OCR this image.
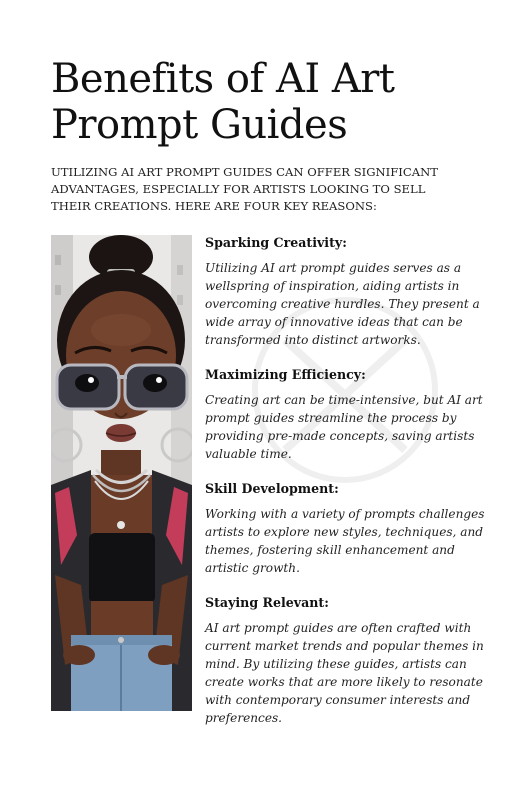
Benefits of AI Art Prompt Guides

UTILIZING AI ART PROMPT GUIDES CAN OFFER SIGNIFICANT ADVANTAGES, ESPECIALLY FOR ARTISTS LOOKING TO SELL THEIR CREATIONS. HERE ARE FOUR KEY REASONS:

Sparking Creativity:

Utilizing AI art prompt guides serves as a wellspring of inspiration, aiding artists in overcoming creative hurdles. They present a wide array of innovative ideas that can be transformed into distinct artworks.

Maximizing Efficiency:

Creating art can be time-intensive, but AI art prompt guides streamline the process by providing pre-made concepts, saving artists valuable time.

Skill Development:

Working with a variety of prompts challenges artists to explore new styles, techniques, and themes, fostering skill enhancement and artistic growth.

Staying Relevant:

AI art prompt guides are often crafted with current market trends and popular themes in mind. By utilizing these guides, artists can create works that are more likely to resonate with contemporary consumer interests and preferences.
